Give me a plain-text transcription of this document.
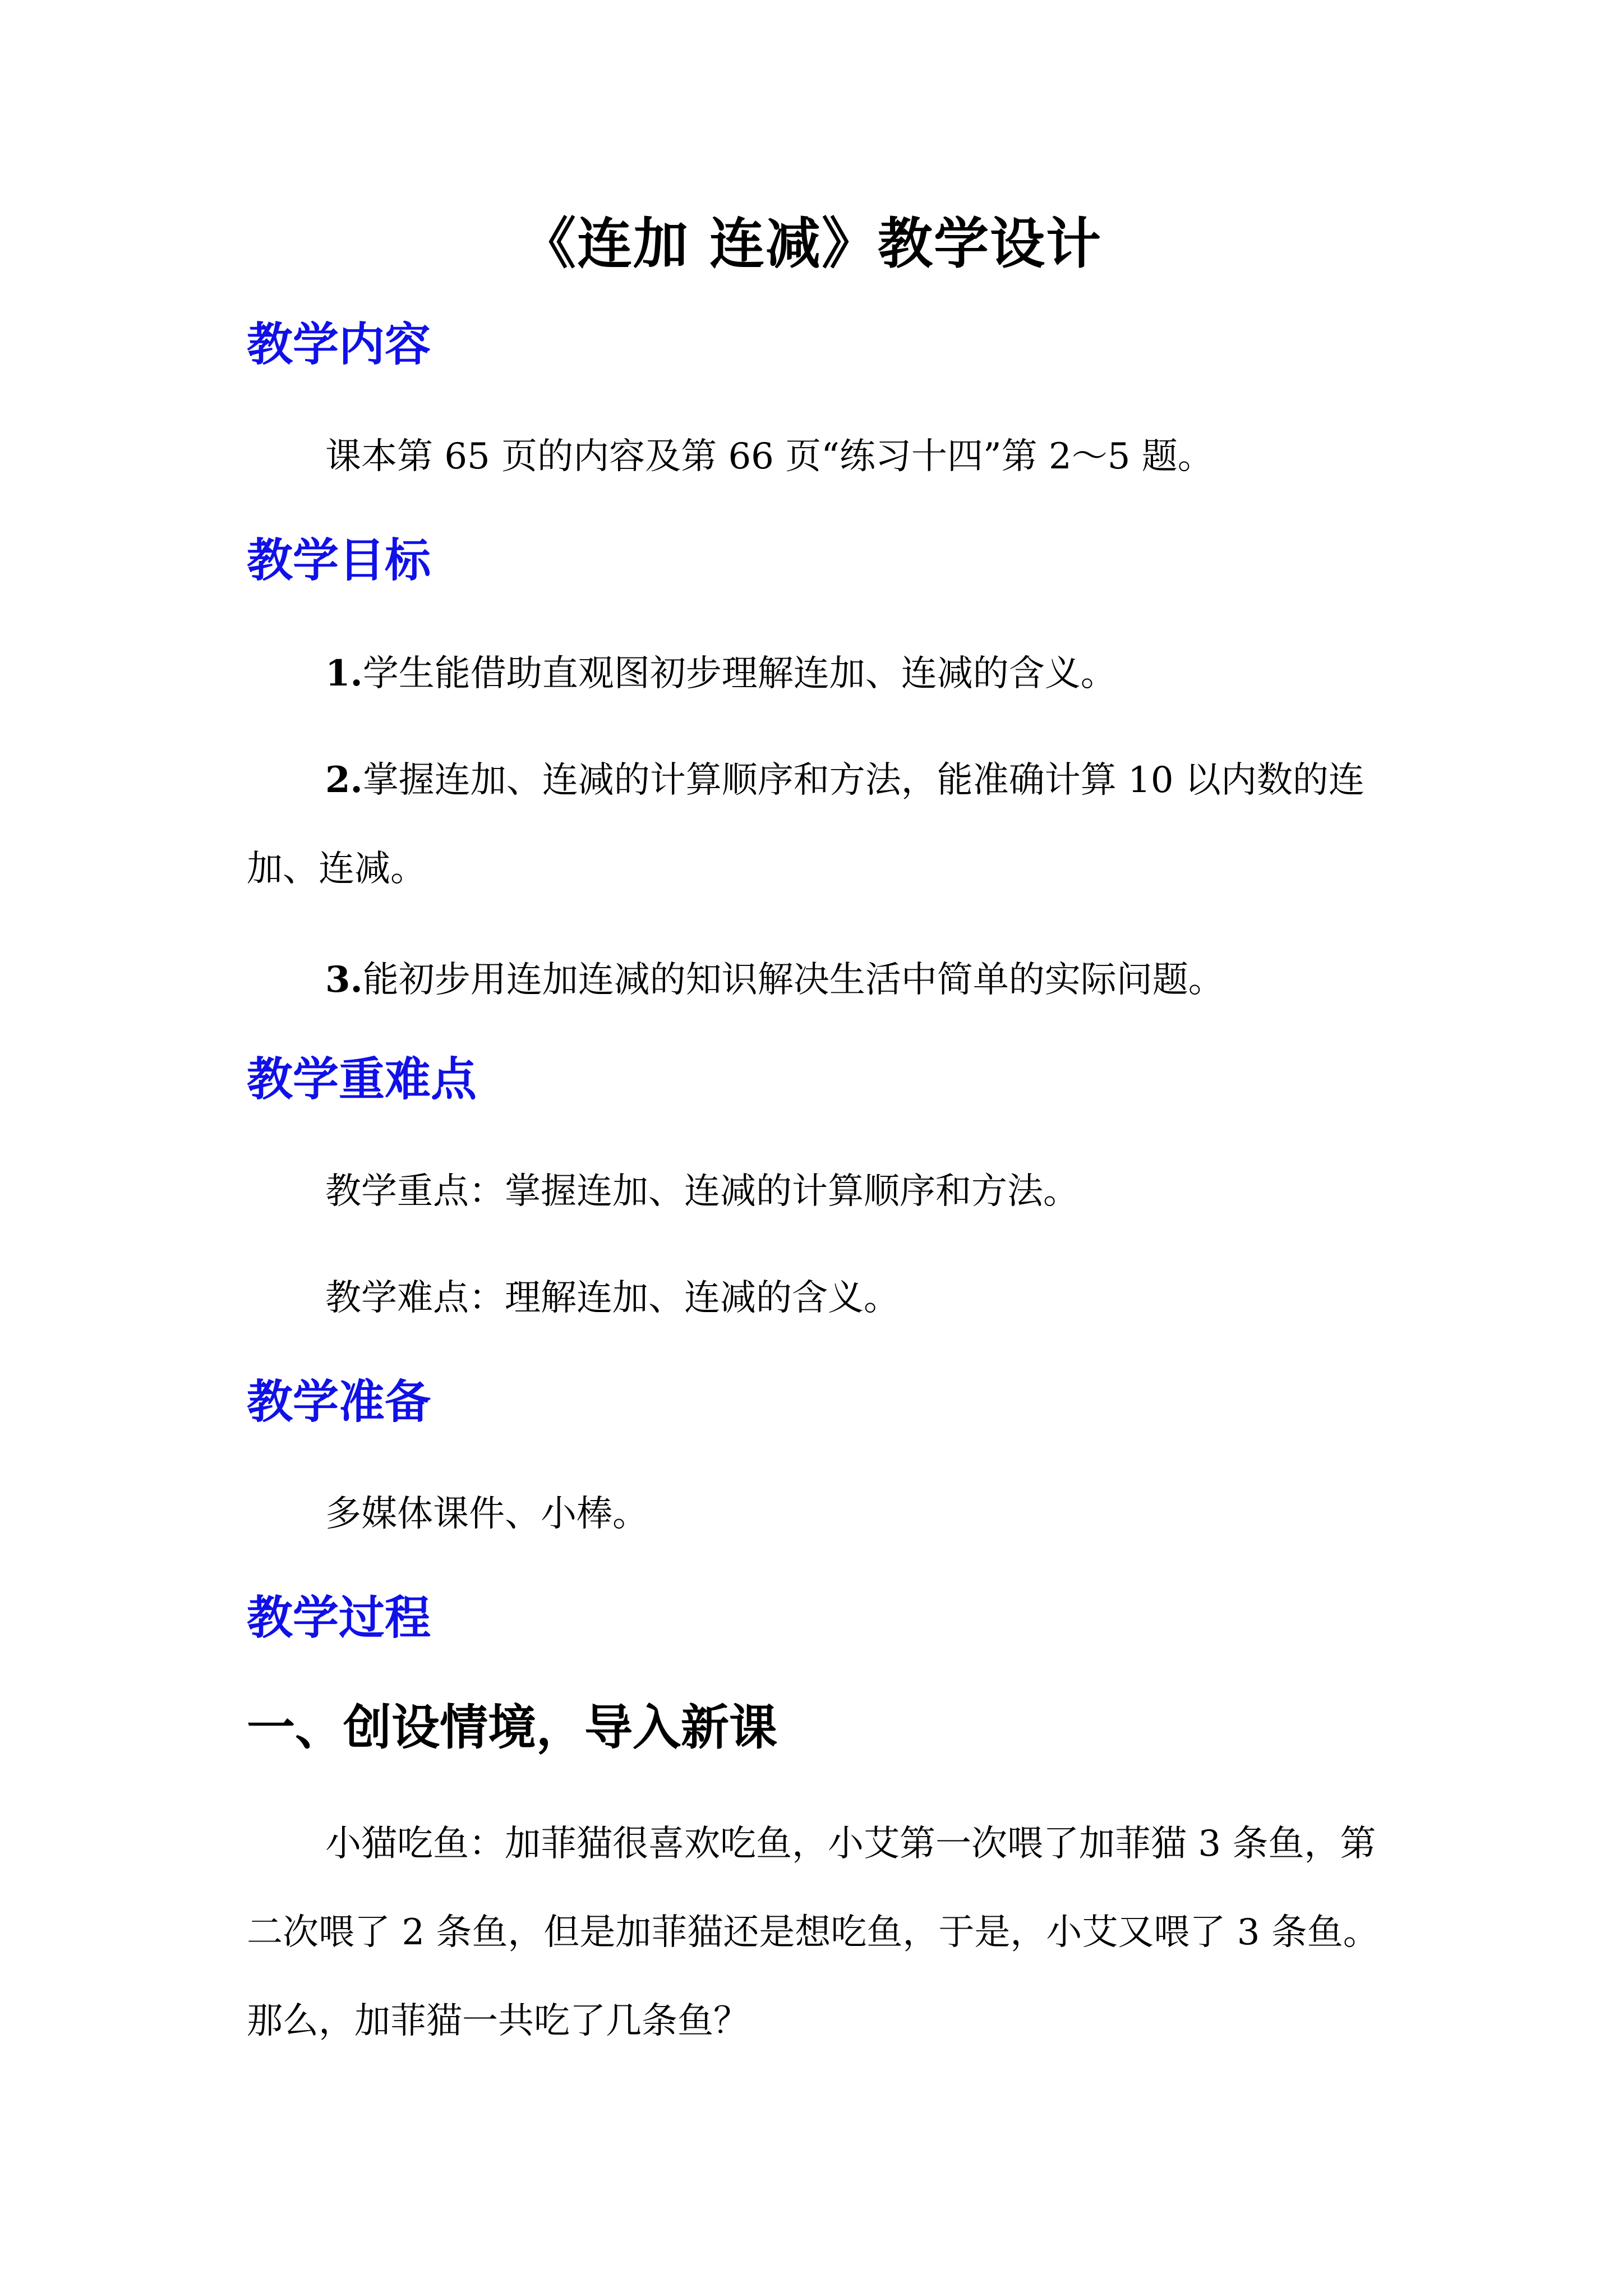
《连加 连减》教学设计
教学内容
课本第 65 页的内容及第 66 页“练习十四”第 2～5 题。
教学目标
1.学生能借助直观图初步理解连加、连减的含义。
2.掌握连加、连减的计算顺序和方法，能准确计算 10 以内数的连加、连减。
3.能初步用连加连减的知识解决生活中简单的实际问题。
教学重难点
教学重点：掌握连加、连减的计算顺序和方法。
教学难点：理解连加、连减的含义。
教学准备
多媒体课件、小棒。
教学过程
一、创设情境，导入新课
小猫吃鱼：加菲猫很喜欢吃鱼，小艾第一次喂了加菲猫 3 条鱼，第二次喂了 2 条鱼，但是加菲猫还是想吃鱼，于是，小艾又喂了 3 条鱼。那么，加菲猫一共吃了几条鱼？
